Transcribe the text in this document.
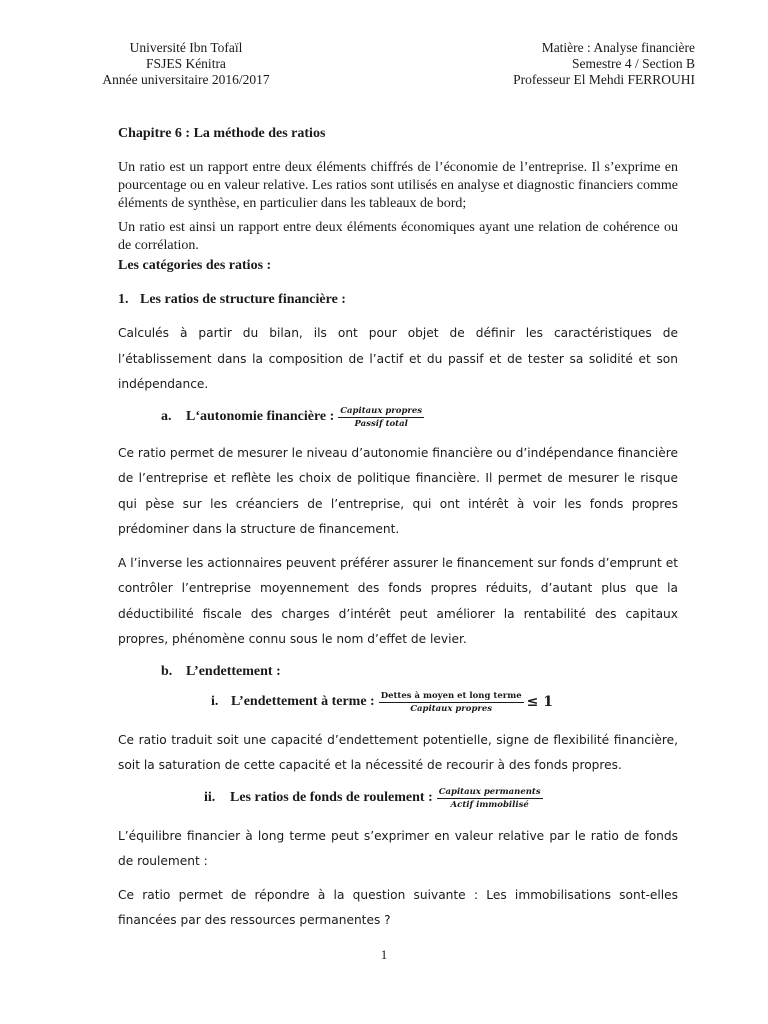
Université Ibn Tofaïl
FSJES Kénitra
Année universitaire 2016/2017
Matière : Analyse financière
Semestre 4 / Section B
Professeur El Mehdi FERROUHI

Chapitre 6 : La méthode des ratios

Un ratio est un rapport entre deux éléments chiffrés de l’économie de l’entreprise. Il s’exprime en pourcentage ou en valeur relative. Les ratios sont utilisés en analyse et diagnostic financiers comme éléments de synthèse, en particulier dans les tableaux de bord;

Un ratio est ainsi un rapport entre deux éléments économiques ayant une relation de cohérence ou de corrélation.

Les catégories des ratios :

1. Les ratios de structure financière :

Calculés à partir du bilan, ils ont pour objet de définir les caractéristiques de l’établissement dans la composition de l’actif et du passif et de tester sa solidité et son indépendance.

a.	L‘autonomie financière : $\frac{\text{Capitaux propres}}{\text{Passif total}}$

Ce ratio permet de mesurer le niveau d’autonomie financière ou d’indépendance financière de l’entreprise et reflète les choix de politique financière. Il permet de mesurer le risque qui pèse sur les créanciers de l’entreprise, qui ont intérêt à voir les fonds propres prédominer dans la structure de financement.

A l’inverse les actionnaires peuvent préférer assurer le financement sur fonds d’emprunt et contrôler l’entreprise moyennement des fonds propres réduits, d’autant plus que la déductibilité fiscale des charges d’intérêt peut améliorer la rentabilité des capitaux propres, phénomène connu sous le nom d’effet de levier.

b. L’endettement :
i. L’endettement à terme : $\frac{\text{Dettes à moyen et long terme}}{\text{Capitaux propres}} \le 1$

Ce ratio traduit soit une capacité d’endettement potentielle, signe de flexibilité financière, soit la saturation de cette capacité et la nécessité de recourir à des fonds propres.

ii.	Les ratios de fonds de roulement : $\frac{\text{Capitaux permanents}}{\text{Actif immobilisé}}$

L’équilibre financier à long terme peut s’exprimer en valeur relative par le ratio de fonds de roulement :

Ce ratio permet de répondre à la question suivante : Les immobilisations sont-elles financées par des ressources permanentes ?

1
